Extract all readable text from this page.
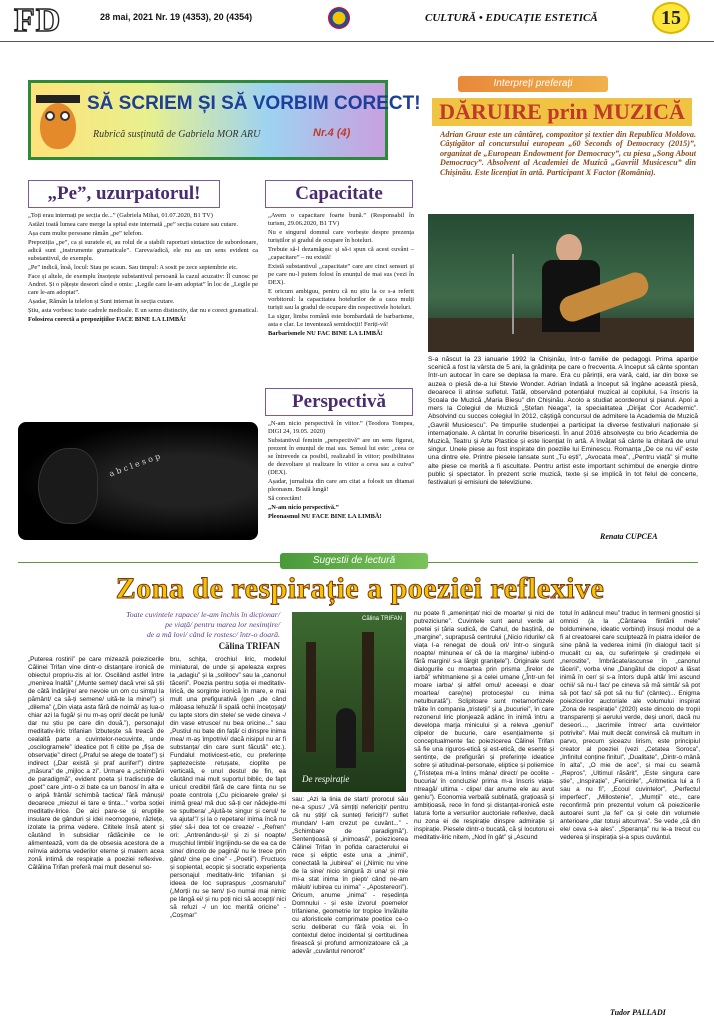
FD	28 mai, 2021 Nr. 19 (4353), 20 (4354)	CULTURĂ • EDUCAȚIE ESTETICĂ	15
SĂ SCRIEM ȘI SĂ VORBIM CORECT!
Rubrică susținută de Gabriela MOR ARU	Nr.4 (4)
„Pe”, uzurpatorul!

„Toți erau internați pe secția de...” (Gabriela Mihai, 01.07.2020, B1 TV)

Astăzi toată lumea care merge la spital este internată „pe” secția cutare sau cutare.

Așa cum multe persoane rămân „pe” telefon.

Prepoziția „pe”, ca și suratele ei, au rolul de a stabili raporturi sintactice de subordonare, adică sunt „instrumente gramaticale”. Careva/adică, ele nu au un sens evident ca substantivul, de exemplu.

„Pe” indică, însă, locul: Stau pe scaun. Sau timpul: A sosit pe zece septembrie etc.

Face și altele, de exemplu însoțește substantivul persoană la cazul acuzativ: Îl cunosc pe Andrei. Și o pățește deseori când e omis: „Legile care le-am adoptat” în loc de „Legile pe care le-am adoptat”.

Așadar, Rămân la telefon și Sunt internat în secția cutare.

Știu, asta vorbesc toate cadrele medicale. E un semn distinctiv, dar nu e corect gramatical.

Folosirea corectă a prepozițiilor FACE BINE LA LIMBĂ!

a b c l e s o p
Capacitate

„Avem o capacitare foarte bună.” (Responsabil în turism, 29.06.2020, B1 TV)

Nu e singurul domnul care vorbește despre prezența turiștilor și gradul de ocupare în hoteluri.

Trebuie să-l dezamăgesc și să-i spun că acest cuvânt – „capacitare” – nu există!

Există substantivul „capacitate” care are cinci sensuri și pe care nu-l putem folosi în enunțul de mai sus (vezi în DEX).

E oricum ambiguu, pentru că nu știu la ce s-a referit vorbitorul: la capacitatea hotelurilor de a caza mulți turiști sau la gradul de ocupare din respectivele hoteluri.

La sigur, limba română este bombardată de barbarisme, asta e clar. Le inventează semidocții! Feriți-vă!

Barbarismele NU FAC BINE LA LIMBĂ!

Perspectivă

„N-am nicio perspectivă în viitor.” (Teodora Tompea, DIGI 24, 19.05. 2020)

Substantivul feminin „perspectivă” are un sens figurat, prezent în enunțul de mai sus. Sensul lui este: „ceea ce se întrevede ca posibil, realizabil în viitor; posibilitatea de dezvoltare și realizare în viitor a ceva sau a cuiva” (DEX).

Așadar, jurnalista din care am citat a folosit un ditamai pleonasm. Boală lungă!

Să corectăm!

„N-am nicio perspectivă.”

Pleonasmul NU FACE BINE LA LIMBĂ!

Interpreți preferați
DĂRUIRE prin MUZICĂ
Adrian Graur este un cântăreț, compozitor și textier din Republica Moldova. Câștigător al concursului european „60 Seconds of Democracy (2015)”, organizat de „European Endowment for Democracy”, cu piesa „Song About Democracy”. Absolvent al Academiei de Muzică „Gavriil Musicescu” din Chișinău. Este licențiat în artă. Participant X Factor (România).
S-a născut la 23 ianuarie 1992 la Chișinău, într-o familie de pedagogi. Prima apariție scenică a fost la vârsta de 5 ani, la grădinița pe care o frecventa. A început să cânte spontan într-un autocar în care se deplasa la mare. Era cu părinții, era vară, cald, iar din boxe se auzea o piesă de-a lui Stevie Wonder. Adrian îndată a început să îngâne această piesă, deoarece îi atinse sufletul. Tatăl, observând potențialul muzical al copilului, l-a înscris la Școala de Muzică „Maria Bieșu” din Chișinău. Acolo a studiat acordeonul și pianul. Apoi a mers la Colegiul de Muzică „Ștefan Neaga”, la specialitatea „Dirijat Cor Academic”. Absolvind cu succes colegiul în 2012, câștigă concursul de admitere la Academia de Muzică „Gavriil Musicescu”. Pe timpurile studenției a participat la diverse festivaluri naționale și internaționale. A cântat în corurile bisericești. În anul 2016 absolvește cu brio Academia de Muzică, Teatru și Arte Plastice și este licențiat în artă. A învățat să cânte la chitară de unul singur. Unele piese au fost inspirate din poeziile lui Eminescu. Romanța „De ce nu vii” este una dintre ele. Printre piesele lansate sunt „Tu ești”, „Avocata mea”, „Pentru viață” și multe alte piese ce merită a fi ascultate. Pentru artist este important schimbul de energie dintre public și spectator. În prezent scrie muzică, texte și se implică în tot felul de concerte, festivaluri și emisiuni de televiziune.
Renata CUPCEA
Sugestii de lectură
Zona de respirație a poeziei reflexive
Toate cuvintele rapace/ le-am închis în dicționar/
pe viață/ pentru marea lor nesimțire/
de a mă lovi/ când le rostesc/ într-o doară.
Călina TRIFAN
Călina TRIFAN
De respirație
„Puterea rostirii” pe care mizează poiezicerile Călinei Trifan vine dintr-o distanțare ironică de obiectul propriu-zis al lor. Oscilând astfel între „menirea înaltă” („Munte semeț/ dacă vrei să știi de cătă îndărjire/ are nevoie un om cu simțul la pământ/ ca să-ți semene/ uită-te la mine!”) și „dilema” („Din viața asta fără de noimă/ aș lua-o chiar azi la fugă/ și nu m-aș opri/ decât pe lună/ dar nu știu pe care din două.”), personajul meditativ-liric trifanian îzbutește să treacă de cealaltă parte a cuvintelor-necuvinte, unde „oscilogramele” ideatice pot fi citite pe „fișa de observație” direct („Praful se alege de toate!”) și indirect („Dar există și praf aurifer!”) dintre „măsura” de „mijloc a zi”. Urmare a „schimbării de paradigmă”, evident poeta și tradiscuție de „poet” care „intr-o zi bate ca un banos/ în alta e o aripă frântă/ schimbă tactica/ fără mânuși/ deoarece „miezul ei tare e tinta...” vorba soției meditativ-lirice. De aici pare-se și eruptiile insulare de gânduri și idei neomogene, răzlețe, izolate la prima vedere. Cititele însă atent și căutând în subsidiar rădăcinile ce le alimentează, vom da de obsesia acestora de a reînvia aidoma vederilor eterne și matern acea zonă intimă de respirație a poeziei reflexive. Călălina Trifan preferă mai mult desenul so-
bru, schița, crochiul liric, modelul miniatural, de unde și apeleaza expres la „adagiu” și la „solilocv” sau la „canonul tăcerii”. Poezia pentru soția ei meditativ-lirică, de sorginte ironică în mare, e mai mult una prefigurativă (gen „de când măloasa lehuză/ îi spală ochii încețoșați/ cu lapte stors din stele/ se vede cineva -/ din vase etruscе/ nu bea oricine...” sau „Pustiul nu bate din față/ ci dinspre inima mea/ m-aș împotrivi/ dacă nisipul nu ar fi substanța/ din care sunt făcută” etc.). Fundalul motivicest-etic, cu preferințe șaptezeciste retușate, cioplite pe verticală, e unul destul de fin, ea căutând mai mult suportul biblic, de fapt unicul credibil fără de care fiinta nu se poate controla („Cu picioarele grele/ și inimă grea/ mă duc să-ți cer nădejde-mi se spulbera/ „Ajută-te singur și cerul/ te va ajuta!”/ și la o repetare/ inima încă nu știe/ să-i dea tot ce creaze/ - „Refren” ori: „Antrenându-și/ și zi și noapte/ mușchiul limbii/ îngrijindu-se de ea ca de sine/ dincolo de pagină/ nu le trece prin gând/ cine pe cine” - „Poetii”). Fructuos și sopiental, ecopic și socratic experiența personajul meditativ-liric trifanian și ideea de loc supraspus „cosmarului” („Morții nu se tem/ ți-o numai mai nimic pe lângă ei/ și nu poți nici să accepți/ nici să refuzi -/ un loc merită oricine” - „Coșmar”
sau: „Azi la linia de start/ prorocul său ne-a spus:/ „Vă simțiți nefericiți/ pentru că nu știți/ că sunteți fericiți!”/ suflet mundan/ l-am crezut pe cuvânt...” - „Schimbare de paradigmă”). Sentențioasă și „inimoasă”, poiezicerea Călinei Trifan în pofida caracterului ei rece și eliptic este una a „inimii”, conectată la „iubirea” ei („Nimic nu vine de la sine/ nicio singură zi una/ și mie mi-a stat inima în piept/ când ne-am mâiuit/ iubirea cu inima” - „Apostereori”). Oricum, anume „inima” - reședința Domnului - și este izvorul poemelor trifaniene, geometrie lor tropice învăluite cu aforisticele comprimate poetice ce-o scriu deliberat cu fără voia ei. În contextul deloc incidental și certitudinea firească și profund armonizatoare că „a adevăr „cuvântul renoroit”
nu poate fi „amenințat/ nici de moarte/ și nici de putreziciune”. Cuvintele sunt aerul verde al poetei și țăria sudică, de Cahul, de baștină, de „margine”, suprapusă centrului („Nicio ridurile/ că viața l-a renegat de două ori/ într-o singură noapte/ minunea e/ că de la margine/ iubind-o fără margini/ s-a lărgit granițele”). Originale sunt dialogurile cu moartea prin prisma „firelor de iarbă” whitmaniene și a celei umane („Într-un fel moare iarba/ și altfel omul/ aceeași e doar moartea/ care(ne) protocește/ cu inima netulburată”). Sclipitoare sunt metamorfozele trăite în compania „tristeții” și a „bucuriei”, în care rezonerul liric plonjează adânc în inimă întru a developa marja minicului și a releva „geniul” clipelor de bucurie, care esențialmente și conceptualmente fac poiezicerea Călinei Trifan să fie una riguros-etică și est-etică, de esențe și sentințe, de prefigurări și preferințe ideatice sobre și atitudinal-personale, eliptice și poliemice („Tristețea mi-a întins mâna/ direct/ pe ocolite - bucuria/ în concluzie/ prima m-a înscris viața-ntreagă/ ultima - clipe/ dar anume ele au avut geniu”). Economia verbală sublinată, grațioasă și ambițioasă, rece în fond și distanțat-ironică este latura forte a versurilor auctoriale reflexive, dacă nu zona ei de respirație dinspre admirație și inspirație. Piesele dintr-o bucată, că și locutoru ei meditativ-liric nitem, „Nod în gât” și „Ascund
totul în adâncul meu” traduc în termeni gnostici și omnici (à la „Căntarea fiintării mele” bolduminene, ideatic vorbind) însuși modul de a fi al creatoarei care sculptează în piatra ideilor de sine până la vederea inimii (în dialogul tacit și mucalit cu ea, cu suferințele și credințele ei „nerostite”, îmbrăcate/ascunse în „canonul tăcerii”, vorba vine „Dangătul de clopot/ a lăsat inimă în cer/ și s-a întors după altă/ îmi ascund ochii/ să nu-l fac/ pe cineva să mă simtă/ să pot să pot fac/ să pot să nu fiu” (cântec)... Enigma poiezicerilor auctoriale ale volumului inspirat „Zona de respirație” (2020) este dincolo de tropii transparenți și aerului verde, deși unori, dacă nu deseori..., „lacrimile întrec/ arta cuvintelor potrivite”. Mai mult decât convinsă că multum in parvo, precum șiceazu lirism, este principiul creator al poeziei (vezi „Cetatea Soroca”, „Infinitul conține finitul”, „Dualitate”, „Dintr-o mână în alta”, „O mie de ace”, și mai cu seamă „Repros”, „Ultimul răsărit”, „Este singura care știe”, „Inspirație”, „Fericirile”, „Aritmetica lui a fi sau a nu fi”, „Ecoul cuvintelor”, „Perfectul imperfect”, „Millostenie”, „Mumții” etc., care reconfirmă prin prezentul volum că poiezicerile autoarei sunt „la fel” ca și cele din volumele anterioare „dar totuși altcumva”. Se vede „că din ele/ ceva s-a ales”. „Speranța” nu le-a trecut cu vederea și inspirația și-a spus cuvântul.
Tudor PALLADI
